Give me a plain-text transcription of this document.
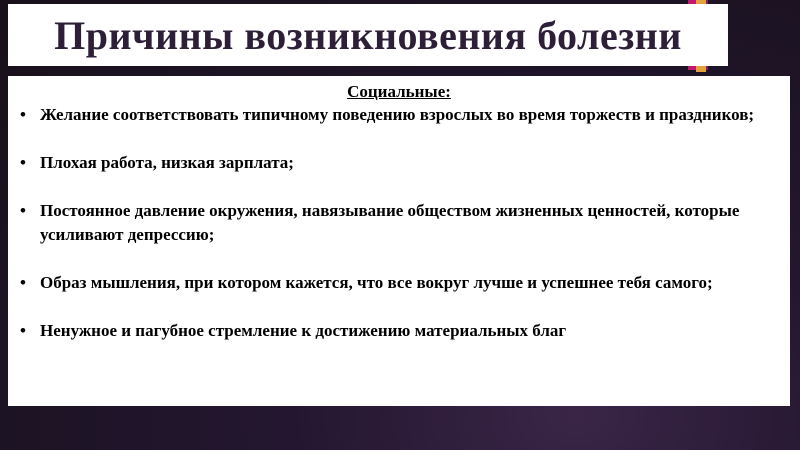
Причины возникновения болезни
Социальные:
• Желание соответствовать типичному поведению взрослых во время торжеств и праздников;
• Плохая работа, низкая зарплата;
• Постоянное давление окружения, навязывание обществом жизненных ценностей, которые усиливают депрессию;
• Образ мышления, при котором кажется, что все вокруг лучше и успешнее тебя самого;
• Ненужное и пагубное стремление к достижению материальных благ
